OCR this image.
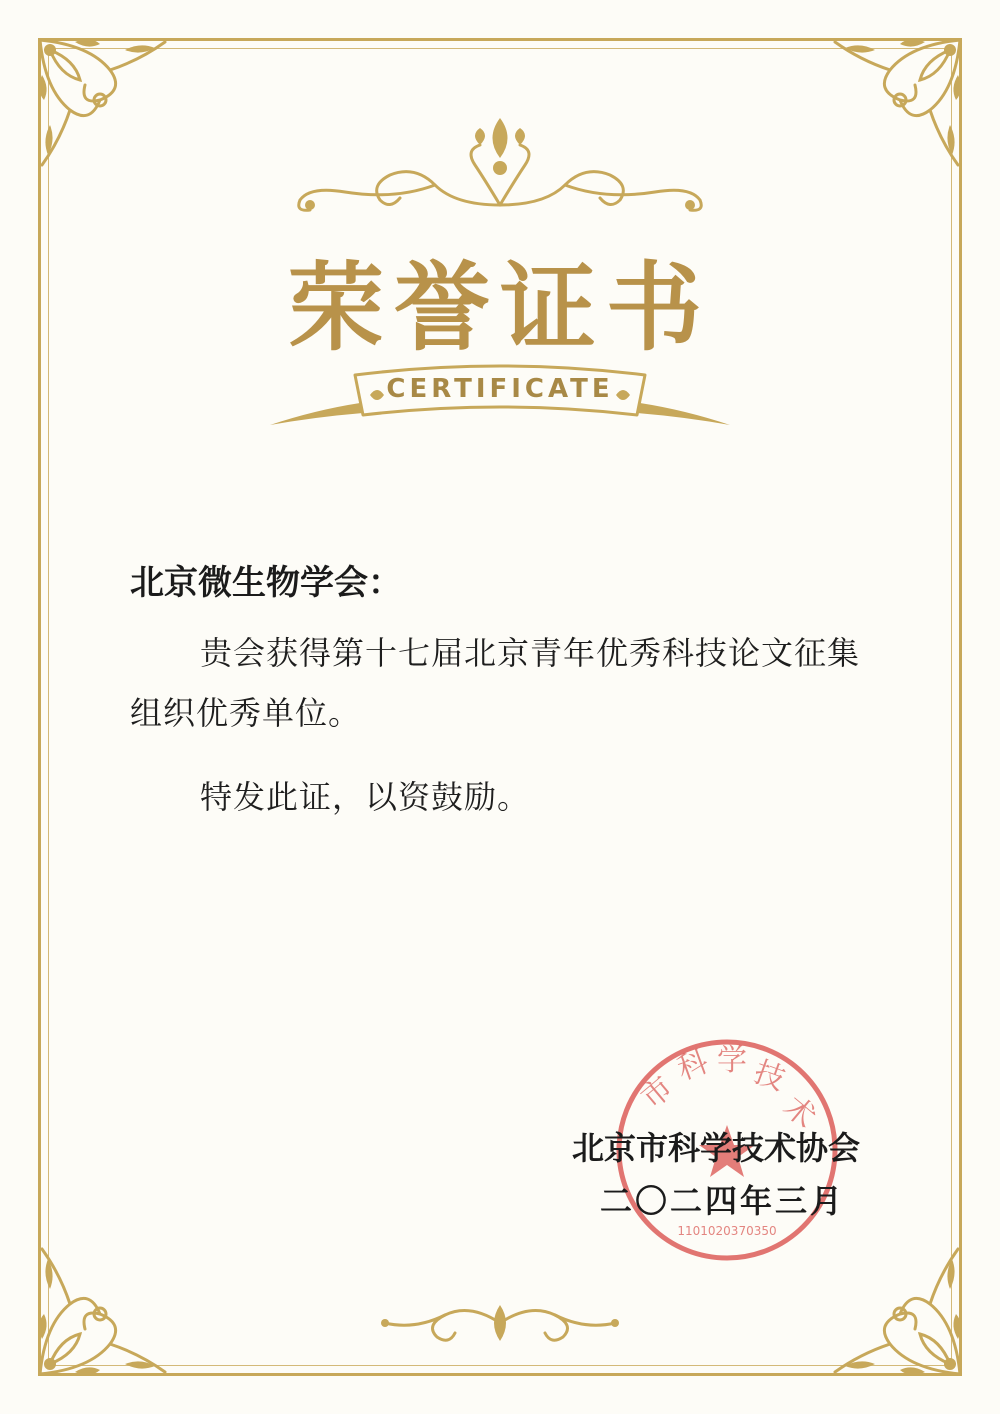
荣誉证书
CERTIFICATE
北京微生物学会：
贵会获得第十七届北京青年优秀科技论文征集
组织优秀单位。
特发此证，以资鼓励。
市
科 学 技
术
1101020370350
北京市科学技术协会
二〇二四年三月
